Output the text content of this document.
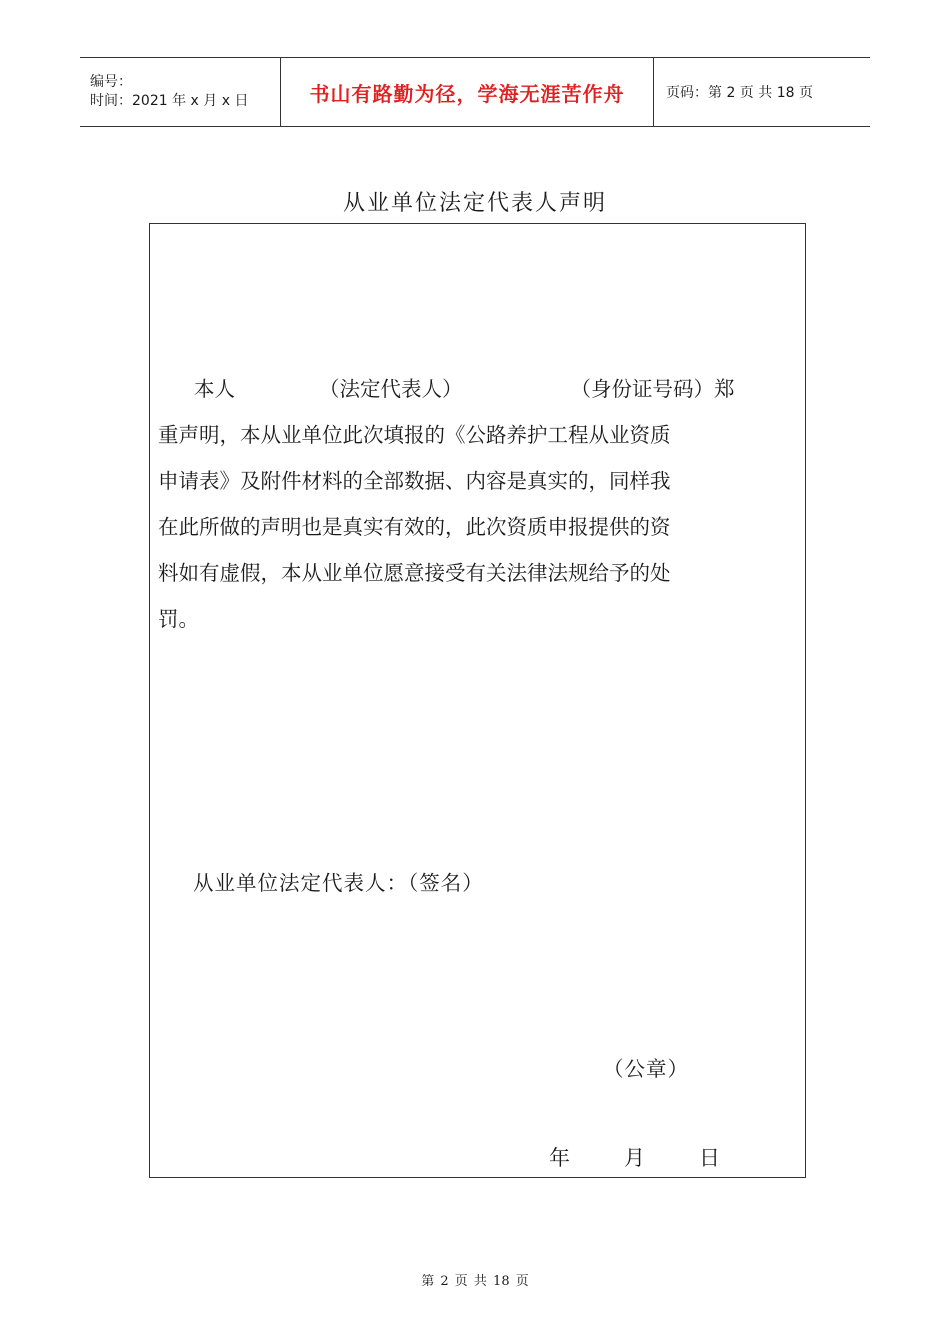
编号：
时间：2021 年 x 月 x 日	书山有路勤为径，学海无涯苦作舟	页码：第 2 页 共 18 页
从业单位法定代表人声明
本人	（法定代表人）	（身份证号码）郑
重声明，本从业单位此次填报的《公路养护工程从业资质
申请表》及附件材料的全部数据、内容是真实的，同样我
在此所做的声明也是真实有效的，此次资质申报提供的资
料如有虚假，本从业单位愿意接受有关法律法规给予的处
罚。
从业单位法定代表人：（签名）
（公章）
年	月	日
第 2 页 共 18 页
